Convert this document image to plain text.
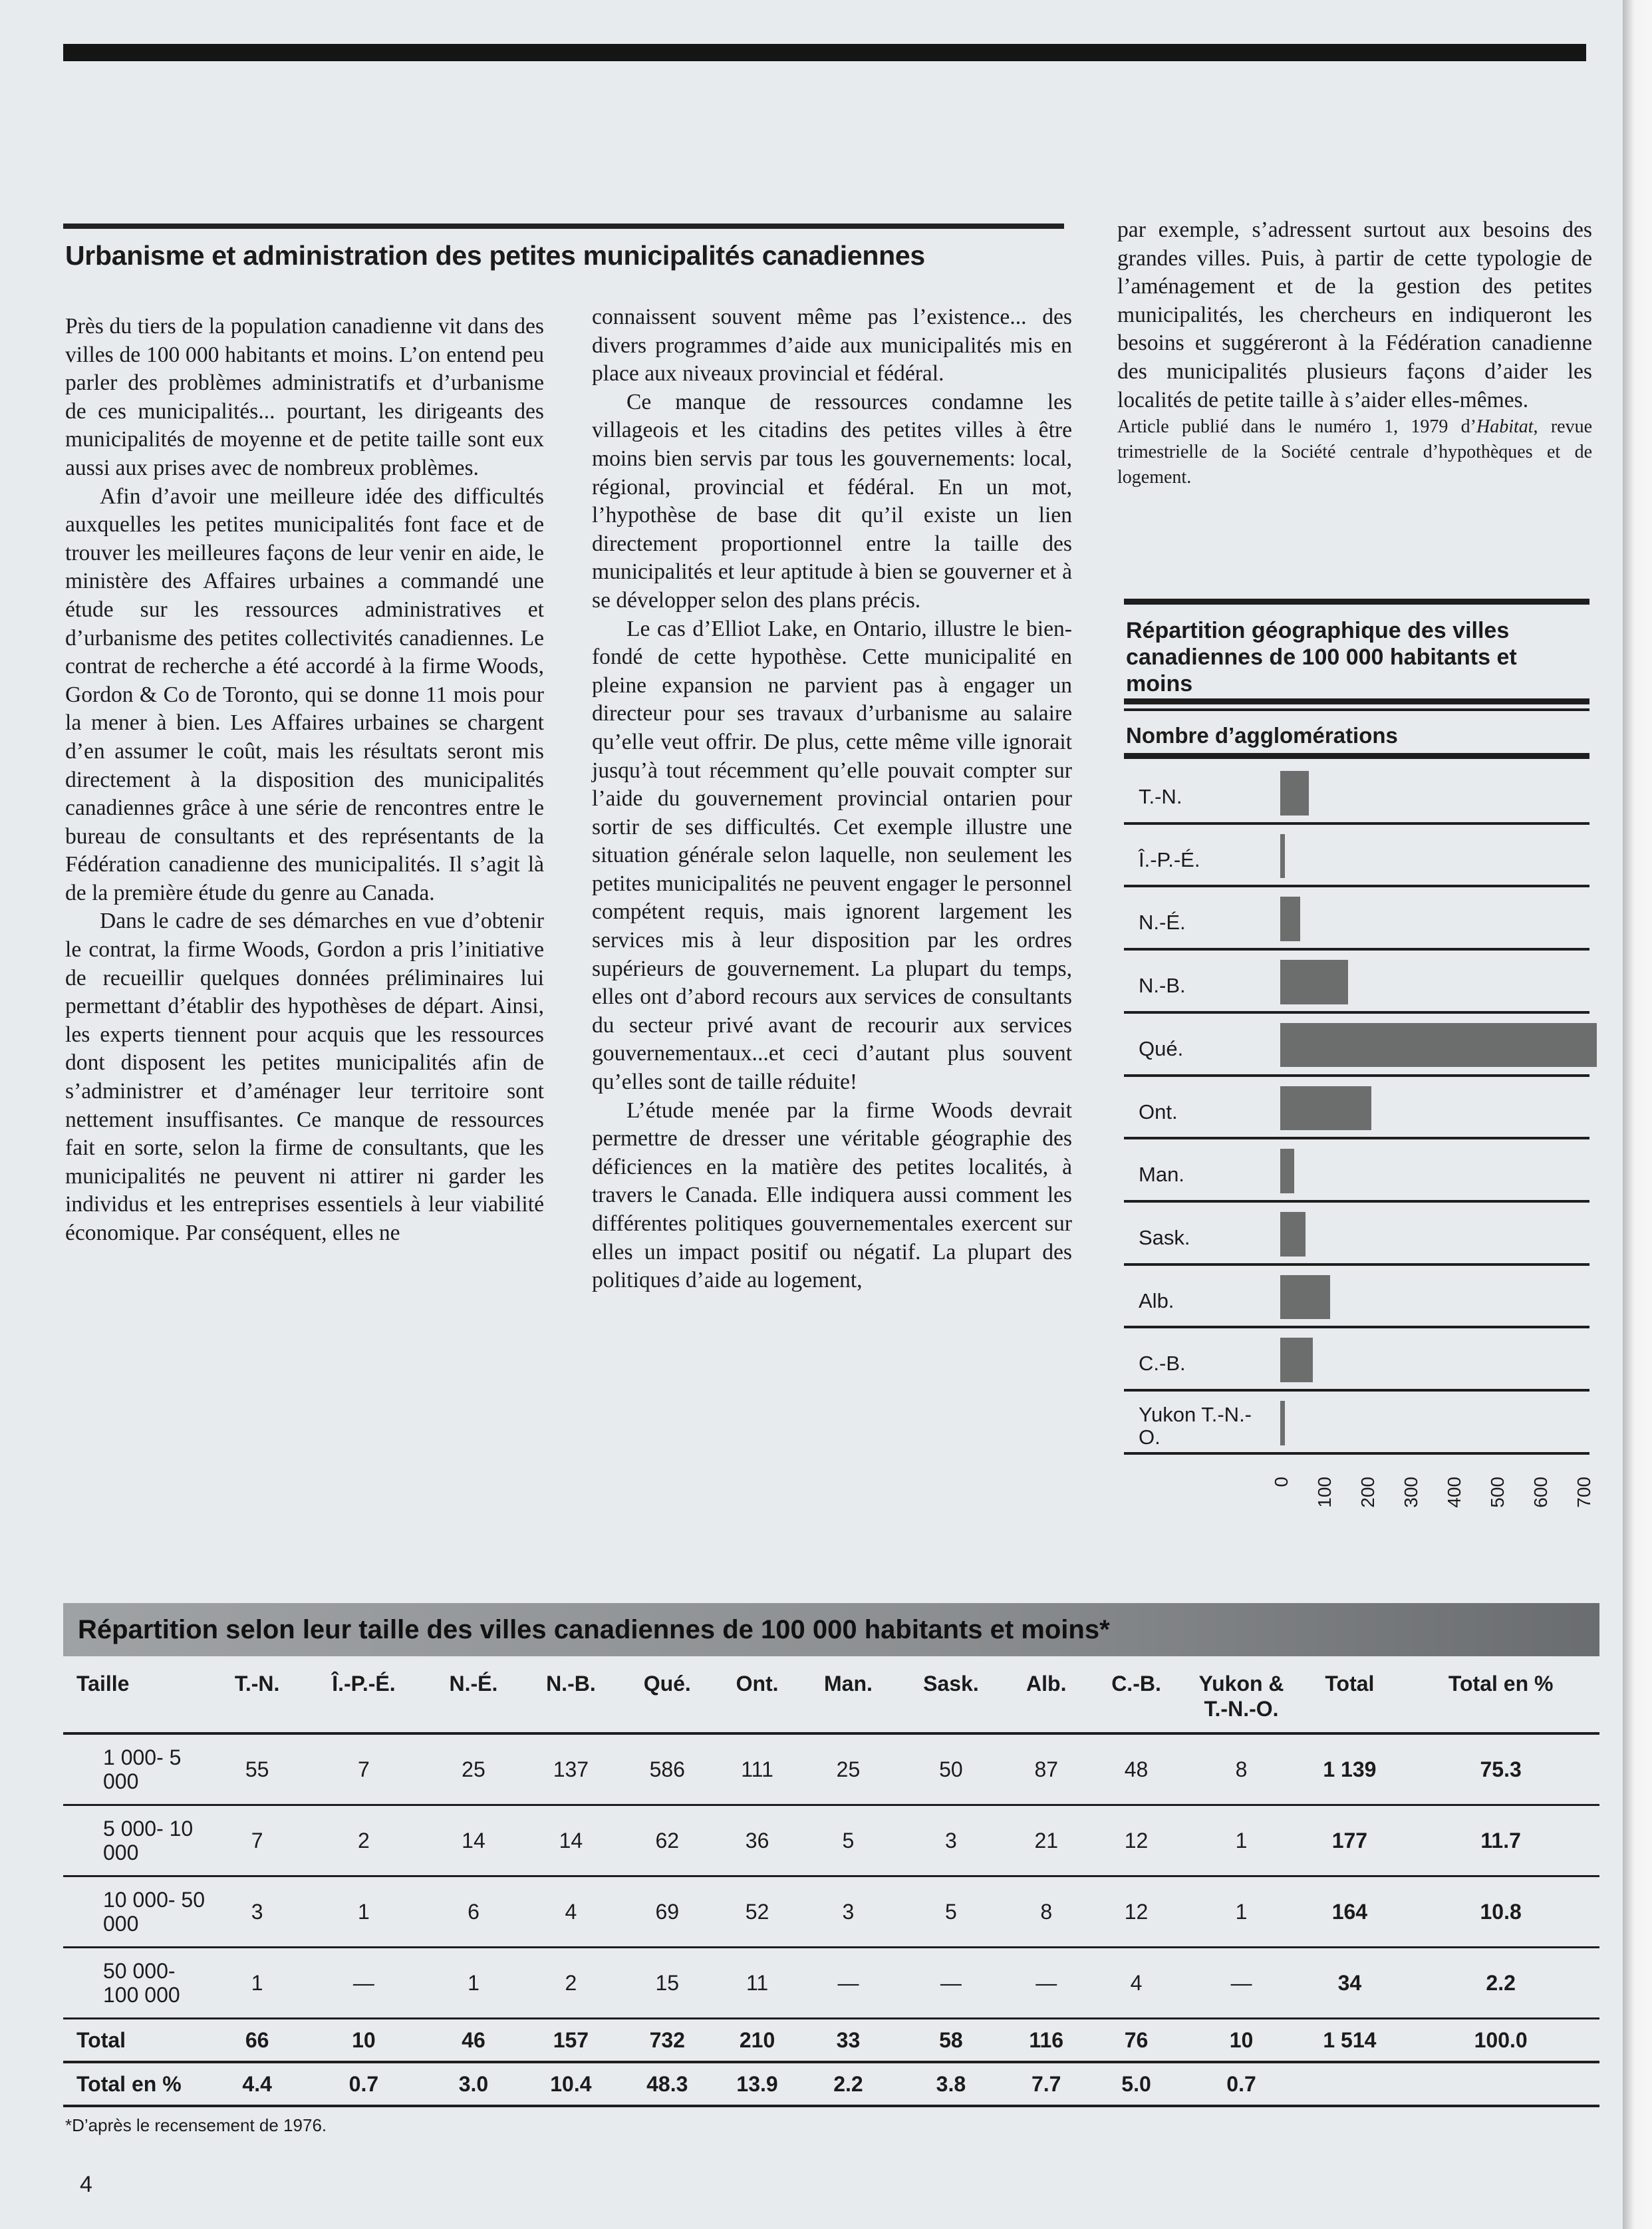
Urbanisme et administration des petites municipalités canadiennes

Près du tiers de la population canadienne vit dans des villes de 100 000 habitants et moins. L’on entend peu parler des problèmes administratifs et d’urbanisme de ces municipalités... pourtant, les dirigeants des municipalités de moyenne et de petite taille sont eux aussi aux prises avec de nombreux problèmes.

Afin d’avoir une meilleure idée des difficultés auxquelles les petites municipalités font face et de trouver les meilleures façons de leur venir en aide, le ministère des Affaires urbaines a commandé une étude sur les ressources administratives et d’urbanisme des petites collectivités canadiennes. Le contrat de recherche a été accordé à la firme Woods, Gordon & Co de Toronto, qui se donne 11 mois pour la mener à bien. Les Affaires urbaines se chargent d’en assumer le coût, mais les résultats seront mis directement à la disposition des municipalités canadiennes grâce à une série de rencontres entre le bureau de consultants et des représentants de la Fédération canadienne des municipalités. Il s’agit là de la première étude du genre au Canada.

Dans le cadre de ses démarches en vue d’obtenir le contrat, la firme Woods, Gordon a pris l’initiative de recueillir quelques données préliminaires lui permettant d’établir des hypothèses de départ. Ainsi, les experts tiennent pour acquis que les ressources dont disposent les petites municipalités afin de s’administrer et d’aménager leur territoire sont nettement insuffisantes. Ce manque de ressources fait en sorte, selon la firme de consultants, que les municipalités ne peuvent ni attirer ni garder les individus et les entreprises essentiels à leur viabilité économique. Par conséquent, elles ne

connaissent souvent même pas l’existence... des divers programmes d’aide aux municipalités mis en place aux niveaux provincial et fédéral.

Ce manque de ressources condamne les villageois et les citadins des petites villes à être moins bien servis par tous les gouvernements: local, régional, provincial et fédéral. En un mot, l’hypothèse de base dit qu’il existe un lien directement proportionnel entre la taille des municipalités et leur aptitude à bien se gouverner et à se développer selon des plans précis.

Le cas d’Elliot Lake, en Ontario, illustre le bien-fondé de cette hypothèse. Cette municipalité en pleine expansion ne parvient pas à engager un directeur pour ses travaux d’urbanisme au salaire qu’elle veut offrir. De plus, cette même ville ignorait jusqu’à tout récemment qu’elle pouvait compter sur l’aide du gouvernement provincial ontarien pour sortir de ses difficultés. Cet exemple illustre une situation générale selon laquelle, non seulement les petites municipalités ne peuvent engager le personnel compétent requis, mais ignorent largement les services mis à leur disposition par les ordres supérieurs de gouvernement. La plupart du temps, elles ont d’abord recours aux services de consultants du secteur privé avant de recourir aux services gouvernementaux...et ceci d’autant plus souvent qu’elles sont de taille réduite!

L’étude menée par la firme Woods devrait permettre de dresser une véritable géographie des déficiences en la matière des petites localités, à travers le Canada. Elle indiquera aussi comment les différentes politiques gouvernementales exercent sur elles un impact positif ou négatif. La plupart des politiques d’aide au logement,

par exemple, s’adressent surtout aux besoins des grandes villes. Puis, à partir de cette typologie de l’aménagement et de la gestion des petites municipalités, les chercheurs en indiqueront les besoins et suggéreront à la Fédération canadienne des municipalités plusieurs façons d’aider les localités de petite taille à s’aider elles-mêmes.

Article publié dans le numéro 1, 1979 d’Habitat, revue trimestrielle de la Société centrale d’hypothèques et de logement.

Répartition géographique des villes canadiennes de 100 000 habitants et moins
Nombre d’agglomérations
T.-N.
Î.-P.-É.
N.-É.
N.-B.
Qué.
Ont.
Man.
Sask.
Alb.
C.-B.
Yukon T.-N.-O.
0 100 200 300 400 500 600 700
Répartition selon leur taille des villes canadiennes de 100 000 habitants et moins*
Taille	T.-N.	Î.-P.-É.	N.-É.	N.-B.	Qué.	Ont.	Man.	Sask.	Alb.	C.-B.	Yukon & T.-N.-O.	Total	Total en %
1 000- 5 000	55	7	25	137	586	111	25	50	87	48	8	1 139	75.3
5 000- 10 000	7	2	14	14	62	36	5	3	21	12	1	177	11.7
10 000- 50 000	3	1	6	4	69	52	3	5	8	12	1	164	10.8
50 000- 100 000	1	—	1	2	15	11	—	—	—	4	—	34	2.2
Total	66	10	46	157	732	210	33	58	116	76	10	1 514	100.0
Total en %	4.4	0.7	3.0	10.4	48.3	13.9	2.2	3.8	7.7	5.0	0.7		
*D’après le recensement de 1976.
4
